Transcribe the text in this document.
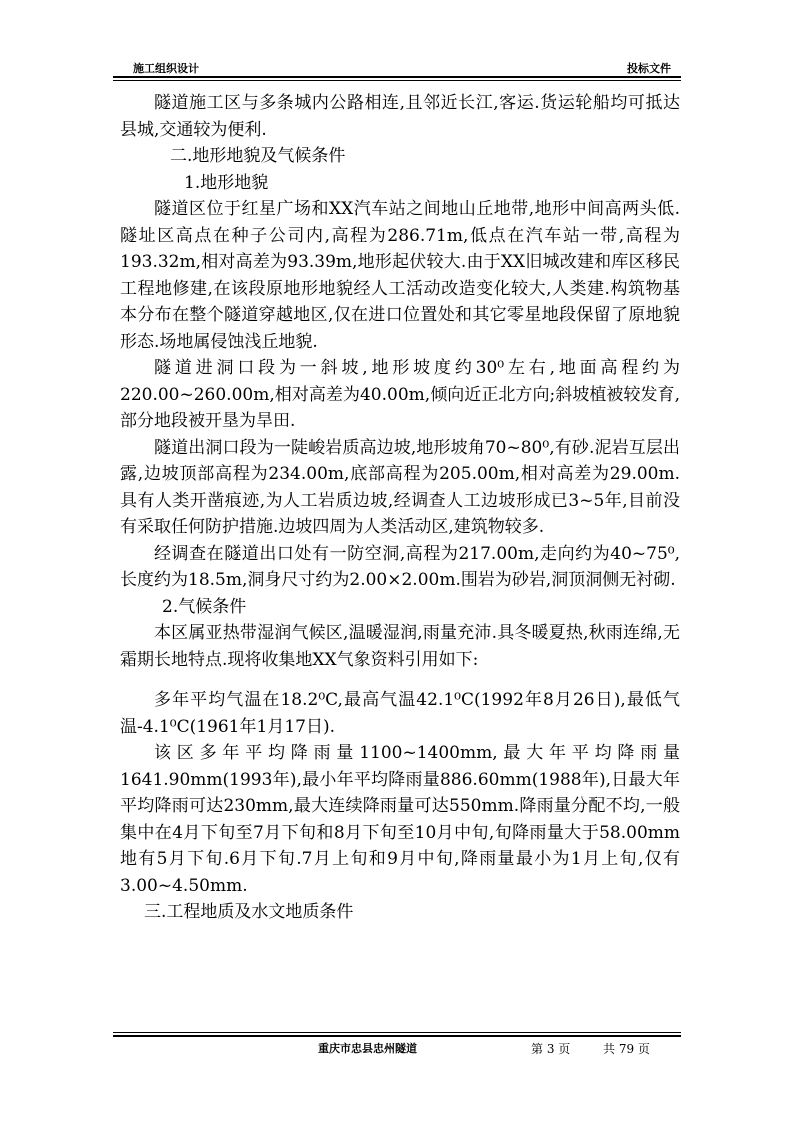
施工组织设计	投标文件

隧道施工区与多条城内公路相连,且邻近长江,客运.货运轮船均可抵达县城,交通较为便利.

二.地形地貌及气候条件

1.地形地貌

隧道区位于红星广场和XX汽车站之间地山丘地带,地形中间高两头低.隧址区高点在种子公司内,高程为286.71m,低点在汽车站一带,高程为193.32m,相对高差为93.39m,地形起伏较大.由于XX旧城改建和库区移民工程地修建,在该段原地形地貌经人工活动改造变化较大,人类建.构筑物基本分布在整个隧道穿越地区,仅在进口位置处和其它零星地段保留了原地貌形态.场地属侵蚀浅丘地貌.

隧道进洞口段为一斜坡,地形坡度约30⁰左右,地面高程约为220.00~260.00m,相对高差为40.00m,倾向近正北方向;斜坡植被较发育,部分地段被开垦为旱田.

隧道出洞口段为一陡峻岩质高边坡,地形坡角70~80⁰,有砂.泥岩互层出露,边坡顶部高程为234.00m,底部高程为205.00m,相对高差为29.00m.具有人类开凿痕迹,为人工岩质边坡,经调查人工边坡形成已3~5年,目前没有采取任何防护措施.边坡四周为人类活动区,建筑物较多.

经调查在隧道出口处有一防空洞,高程为217.00m,走向约为40~75⁰,长度约为18.5m,洞身尺寸约为2.00×2.00m.围岩为砂岩,洞顶洞侧无衬砌.

2.气候条件

本区属亚热带湿润气候区,温暖湿润,雨量充沛.具冬暖夏热,秋雨连绵,无霜期长地特点.现将收集地XX气象资料引用如下:

多年平均气温在18.2⁰C,最高气温42.1⁰C(1992年8月26日),最低气温-4.1⁰C(1961年1月17日).

该区多年平均降雨量1100~1400mm,最大年平均降雨量1641.90mm(1993年),最小年平均降雨量886.60mm(1988年),日最大年平均降雨可达230mm,最大连续降雨量可达550mm.降雨量分配不均,一般集中在4月下旬至7月下旬和8月下旬至10月中旬,旬降雨量大于58.00mm地有5月下旬.6月下旬.7月上旬和9月中旬,降雨量最小为1月上旬,仅有3.00~4.50mm.

三.工程地质及水文地质条件

重庆市忠县忠州隧道	第 3 页	共 79 页
